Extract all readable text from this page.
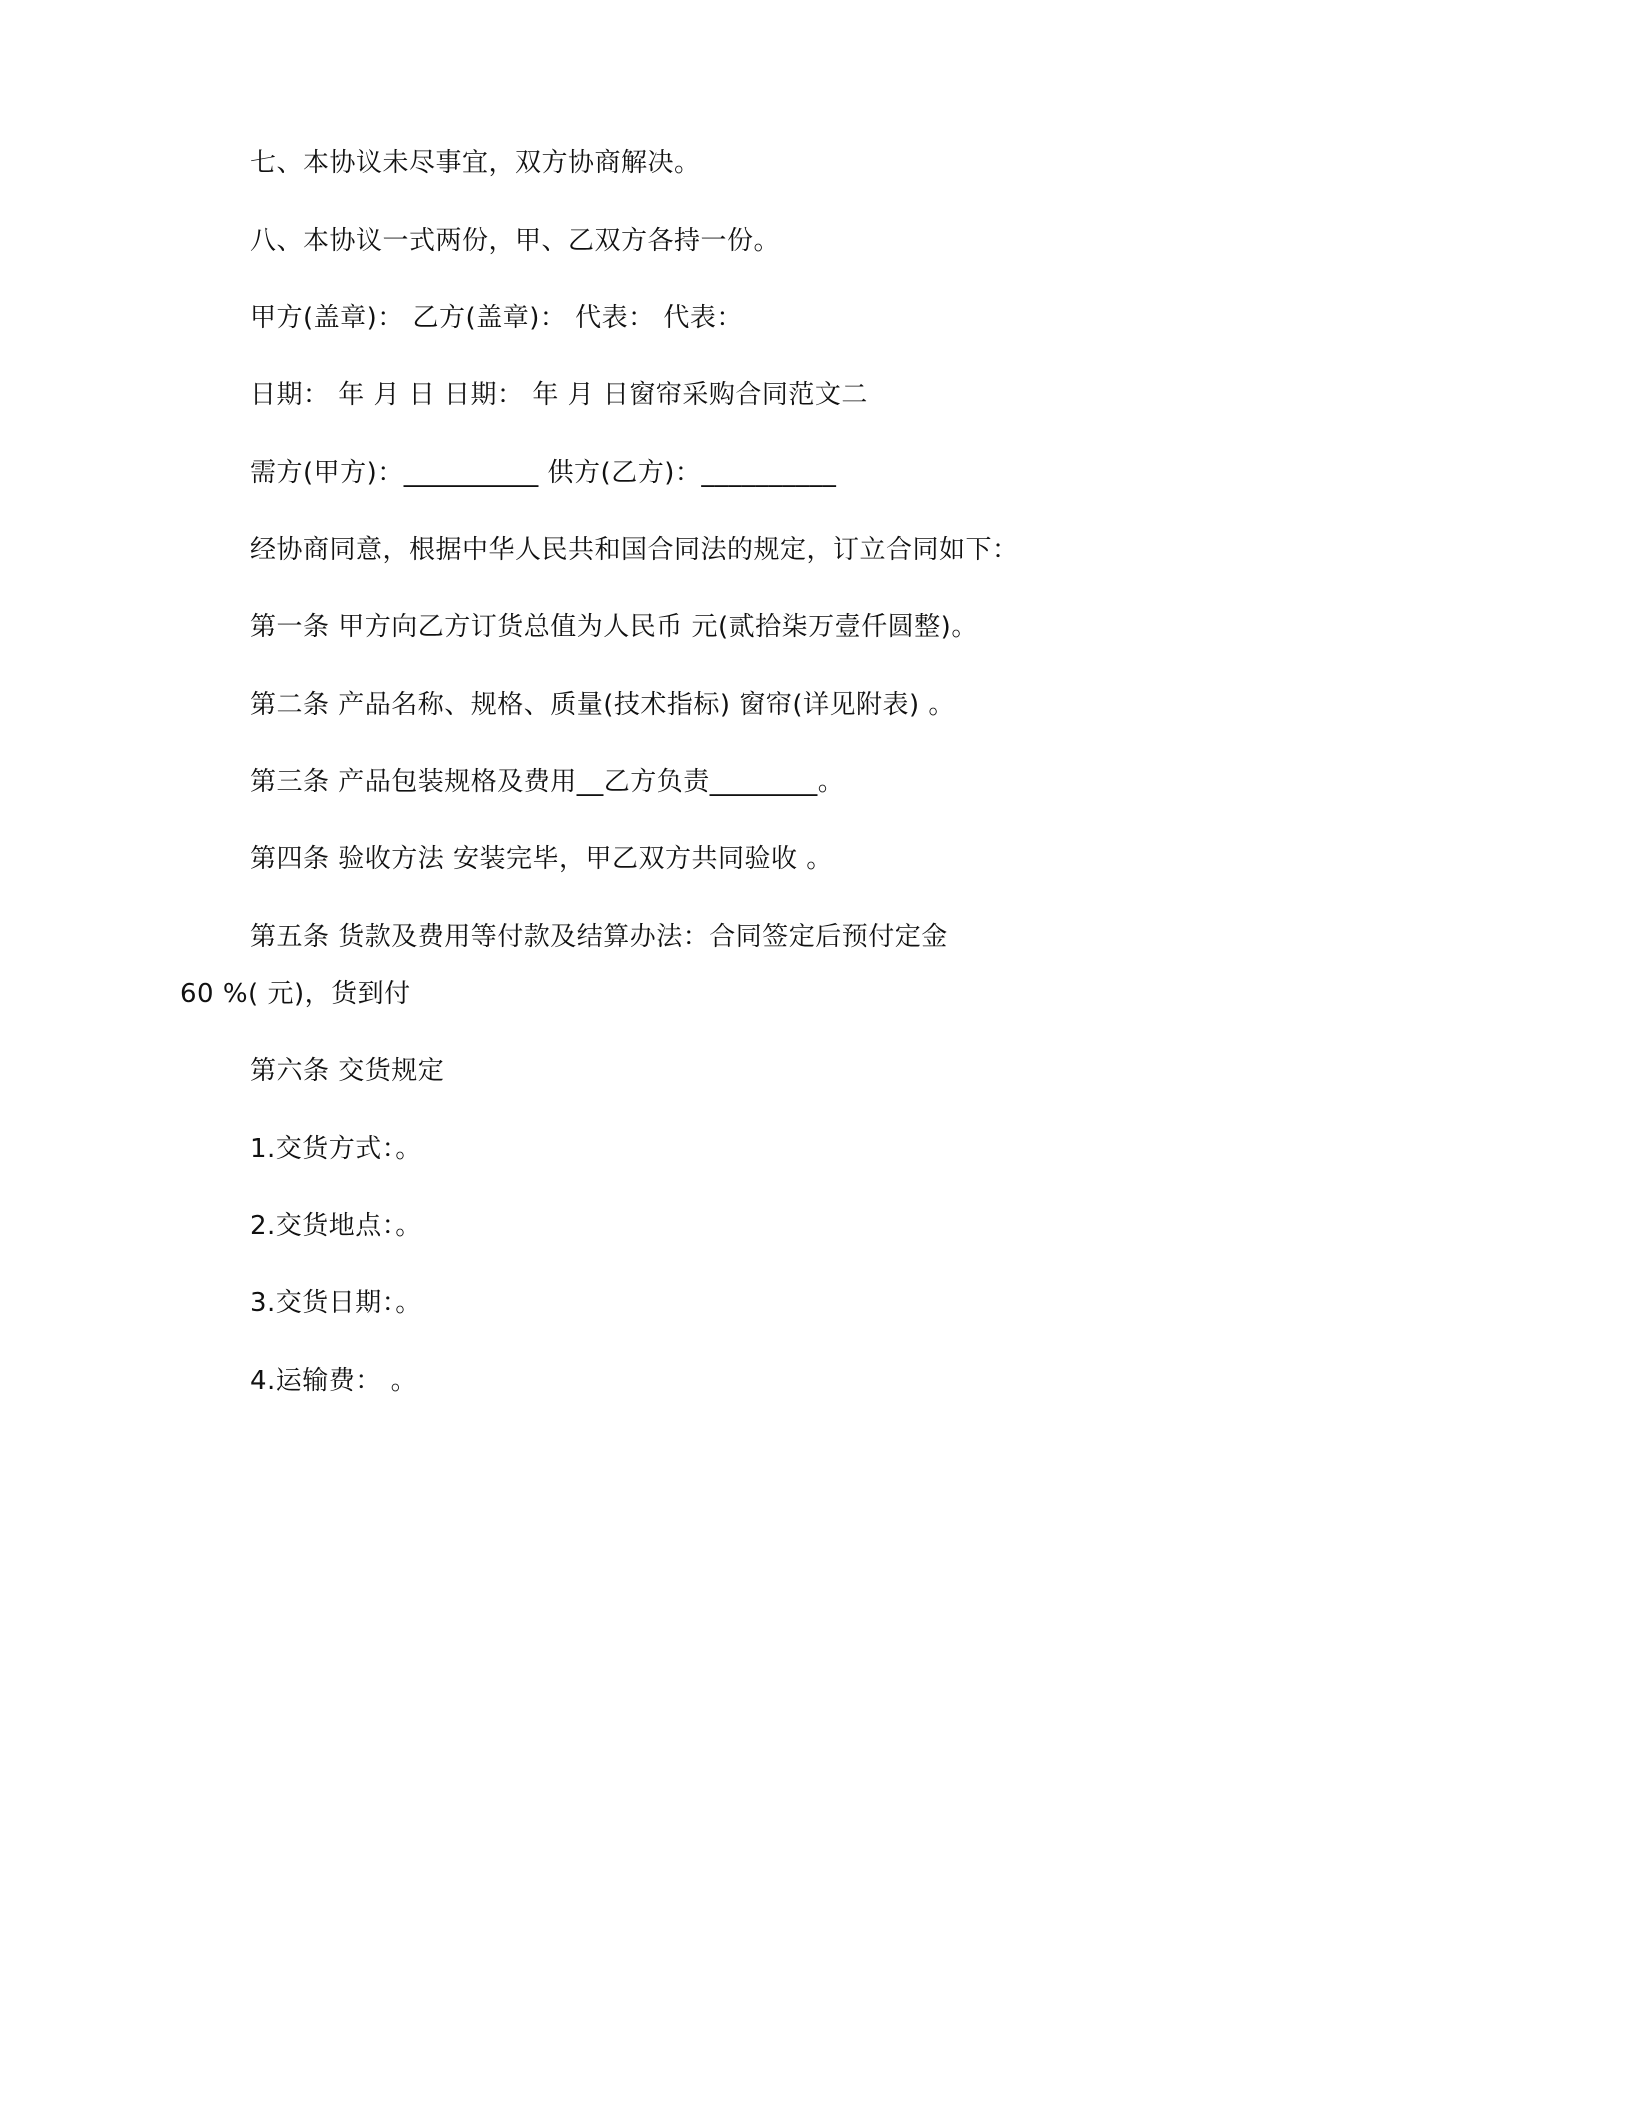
七、本协议未尽事宜，双方协商解决。
八、本协议一式两份，甲、乙双方各持一份。
甲方(盖章)： 乙方(盖章)： 代表： 代表：
日期： 年 月 日 日期： 年 月 日窗帘采购合同范文二
需方(甲方)：__________ 供方(乙方)：__________
经协商同意，根据中华人民共和国合同法的规定，订立合同如下：
第一条 甲方向乙方订货总值为人民币 元(贰拾柒万壹仟圆整)。
第二条 产品名称、规格、质量(技术指标) 窗帘(详见附表) 。
第三条 产品包装规格及费用__乙方负责________。
第四条 验收方法 安装完毕，甲乙双方共同验收 。
第五条 货款及费用等付款及结算办法：合同签定后预付定金
60 %( 元)，货到付
第六条 交货规定
1.交货方式：。
2.交货地点：。
3.交货日期：。
4.运输费： 。
